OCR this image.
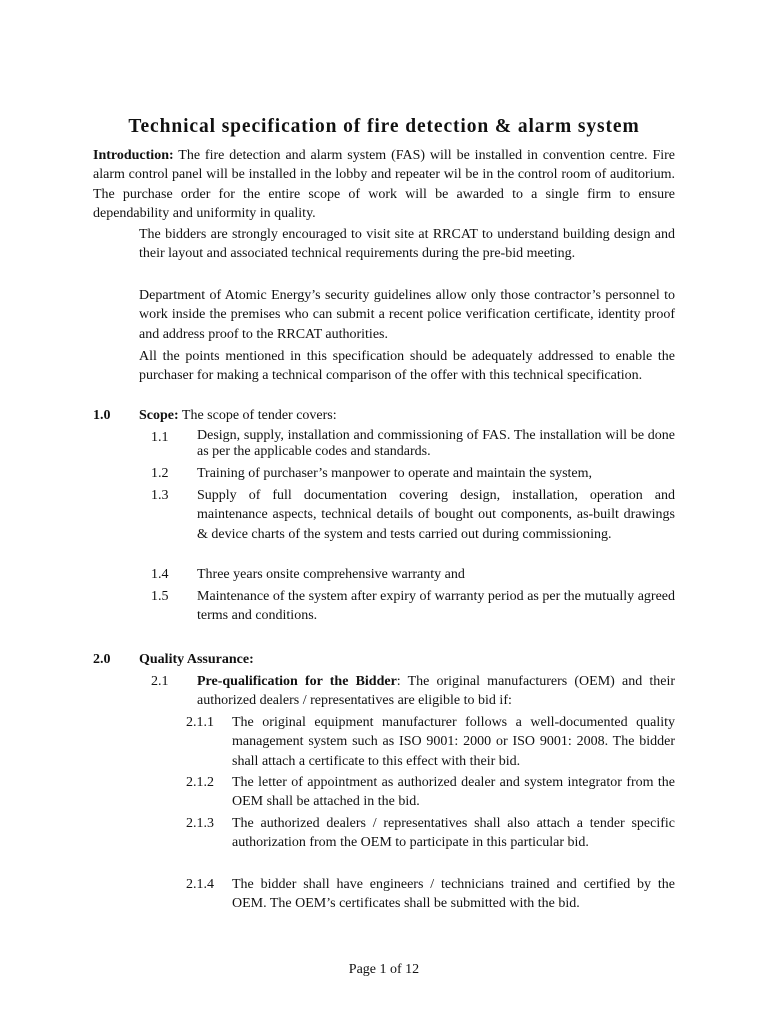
Technical specification of fire detection & alarm system
Introduction: The fire detection and alarm system (FAS) will be installed in convention centre. Fire alarm control panel will be installed in the lobby and repeater wil be in the control room of auditorium. The purchase order for the entire scope of work will be awarded to a single firm to ensure dependability and uniformity in quality.
The bidders are strongly encouraged to visit site at RRCAT to understand building design and their layout and associated technical requirements during the pre-bid meeting.
Department of Atomic Energy’s security guidelines allow only those contractor’s personnel to work inside the premises who can submit a recent police verification certificate, identity proof and address proof to the RRCAT authorities.
All the points mentioned in this specification should be adequately addressed to enable the purchaser for making a technical comparison of the offer with this technical specification.
1.0 Scope: The scope of tender covers:
1.1 Design, supply, installation and commissioning of FAS. The installation will be done as per the applicable codes and standards.
1.2 Training of purchaser’s manpower to operate and maintain the system,
1.3 Supply of full documentation covering design, installation, operation and maintenance aspects, technical details of bought out components, as-built drawings & device charts of the system and tests carried out during commissioning.
1.4 Three years onsite comprehensive warranty and
1.5 Maintenance of the system after expiry of warranty period as per the mutually agreed terms and conditions.
2.0 Quality Assurance:
2.1 Pre-qualification for the Bidder: The original manufacturers (OEM) and their authorized dealers / representatives are eligible to bid if:
2.1.1 The original equipment manufacturer follows a well-documented quality management system such as ISO 9001: 2000 or ISO 9001: 2008. The bidder shall attach a certificate to this effect with their bid.
2.1.2 The letter of appointment as authorized dealer and system integrator from the OEM shall be attached in the bid.
2.1.3 The authorized dealers / representatives shall also attach a tender specific authorization from the OEM to participate in this particular bid.
2.1.4 The bidder shall have engineers / technicians trained and certified by the OEM. The OEM’s certificates shall be submitted with the bid.
Page 1 of 12
